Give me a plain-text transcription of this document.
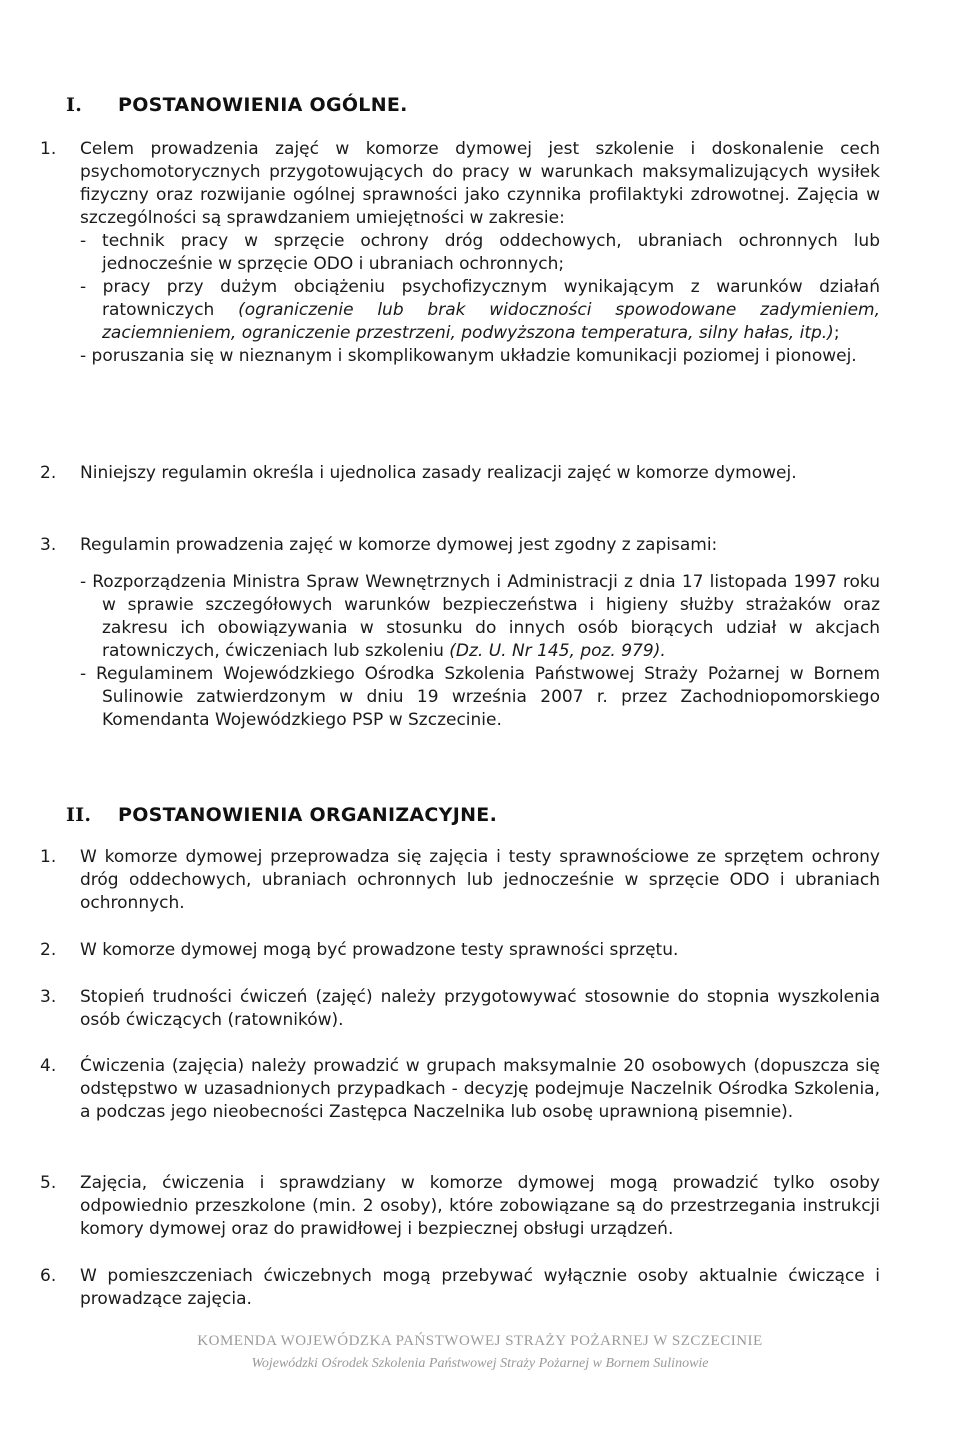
I. POSTANOWIENIA OGÓLNE.
1.	Celem prowadzenia zajęć w komorze dymowej jest szkolenie i doskonalenie cech psychomotorycznych przygotowujących do pracy w warunkach maksymalizujących wysiłek fizyczny oraz rozwijanie ogólnej sprawności jako czynnika profilaktyki zdrowotnej. Zajęcia w szczególności są sprawdzaniem umiejętności w zakresie:

- technik pracy w sprzęcie ochrony dróg oddechowych, ubraniach ochronnych lub jednocześnie w sprzęcie ODO i ubraniach ochronnych;

- pracy przy dużym obciążeniu psychofizycznym wynikającym z warunków działań ratowniczych (ograniczenie lub brak widoczności spowodowane zadymieniem, zaciemnieniem, ograniczenie przestrzeni, podwyższona temperatura, silny hałas, itp.);

- poruszania się w nieznanym i skomplikowanym układzie komunikacji poziomej i pionowej.

2.	Niniejszy regulamin określa i ujednolica zasady realizacji zajęć w komorze dymowej.

3.	Regulamin prowadzenia zajęć w komorze dymowej jest zgodny z zapisami:

- Rozporządzenia Ministra Spraw Wewnętrznych i Administracji z dnia 17 listopada 1997 roku w sprawie szczegółowych warunków bezpieczeństwa i higieny służby strażaków oraz zakresu ich obowiązywania w stosunku do innych osób biorących udział w akcjach ratowniczych, ćwiczeniach lub szkoleniu (Dz. U. Nr 145, poz. 979).

- Regulaminem Wojewódzkiego Ośrodka Szkolenia Państwowej Straży Pożarnej w Bornem Sulinowie zatwierdzonym w dniu 19 września 2007 r. przez Zachodniopomorskiego Komendanta Wojewódzkiego PSP w Szczecinie.

II. POSTANOWIENIA ORGANIZACYJNE.
1.	W komorze dymowej przeprowadza się zajęcia i testy sprawnościowe ze sprzętem ochrony dróg oddechowych, ubraniach ochronnych lub jednocześnie w sprzęcie ODO i ubraniach ochronnych.

2.	W komorze dymowej mogą być prowadzone testy sprawności sprzętu.

3.	Stopień trudności ćwiczeń (zajęć) należy przygotowywać stosownie do stopnia wyszkolenia osób ćwiczących (ratowników).

4.	Ćwiczenia (zajęcia) należy prowadzić w grupach maksymalnie 20 osobowych (dopuszcza się odstępstwo w uzasadnionych przypadkach - decyzję podejmuje Naczelnik Ośrodka Szkolenia, a podczas jego nieobecności Zastępca Naczelnika lub osobę uprawnioną pisemnie).

5.	Zajęcia, ćwiczenia i sprawdziany w komorze dymowej mogą prowadzić tylko osoby odpowiednio przeszkolone (min. 2 osoby), które zobowiązane są do przestrzegania instrukcji komory dymowej oraz do prawidłowej i bezpiecznej obsługi urządzeń.

6.	W pomieszczeniach ćwiczebnych mogą przebywać wyłącznie osoby aktualnie ćwiczące i prowadzące zajęcia.

KOMENDA WOJEWÓDZKA PAŃSTWOWEJ STRAŻY POŻARNEJ W SZCZECINIE
Wojewódzki Ośrodek Szkolenia Państwowej Straży Pożarnej w Bornem Sulinowie
